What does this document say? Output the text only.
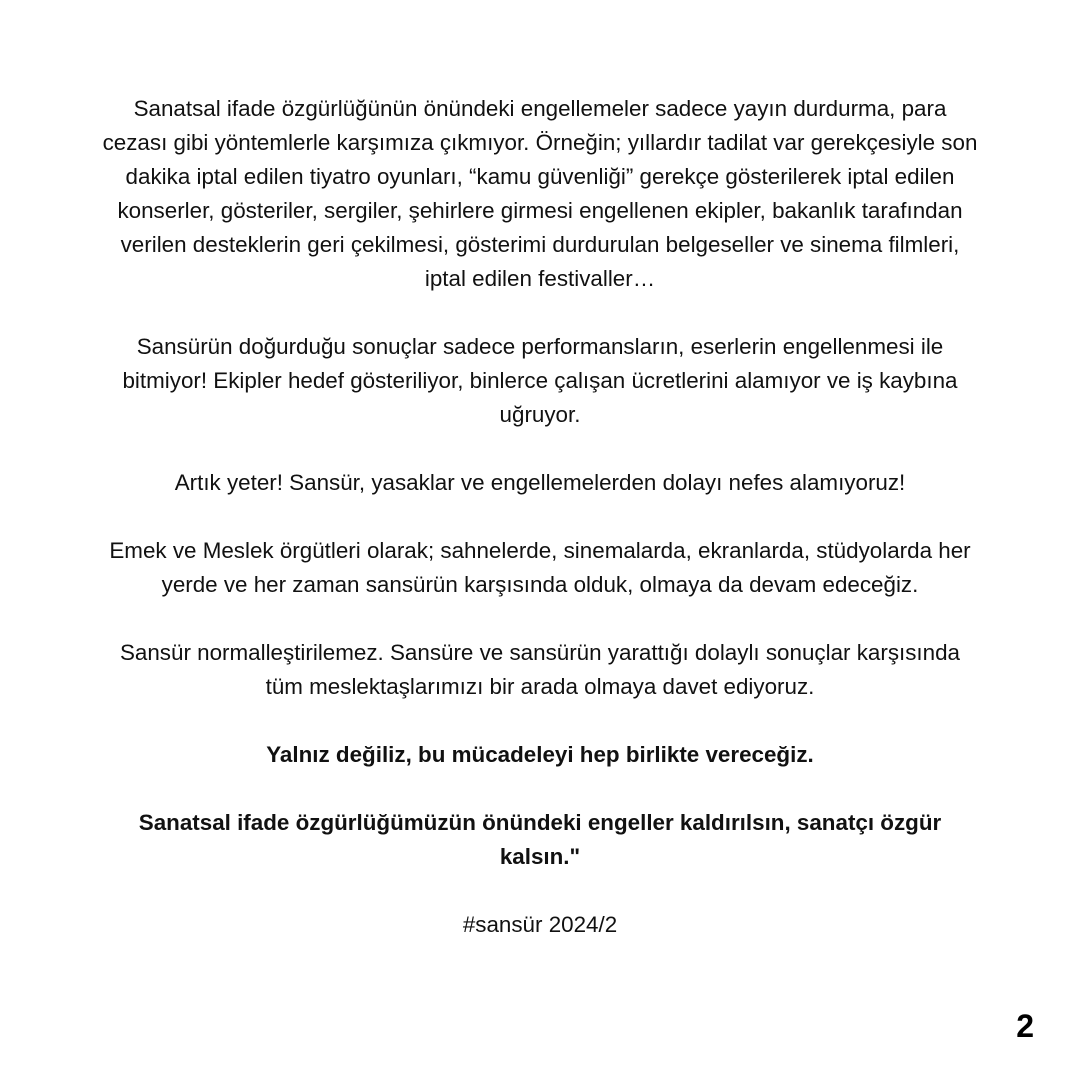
Sanatsal ifade özgürlüğünün önündeki engellemeler sadece yayın durdurma, para cezası gibi yöntemlerle karşımıza çıkmıyor. Örneğin; yıllardır tadilat var gerekçesiyle son dakika iptal edilen tiyatro oyunları, “kamu güvenliği” gerekçe gösterilerek iptal edilen konserler, gösteriler, sergiler, şehirlere girmesi engellenen ekipler, bakanlık tarafından verilen desteklerin geri çekilmesi, gösterimi durdurulan belgeseller ve sinema filmleri, iptal edilen festivaller…

Sansürün doğurduğu sonuçlar sadece performansların, eserlerin engellenmesi ile bitmiyor! Ekipler hedef gösteriliyor, binlerce çalışan ücretlerini alamıyor ve iş kaybına uğruyor.

Artık yeter! Sansür, yasaklar ve engellemelerden dolayı nefes alamıyoruz!

Emek ve Meslek örgütleri olarak; sahnelerde, sinemalarda, ekranlarda, stüdyolarda her yerde ve her zaman sansürün karşısında olduk, olmaya da devam edeceğiz.

Sansür normalleştirilemez. Sansüre ve sansürün yarattığı dolaylı sonuçlar karşısında tüm meslektaşlarımızı bir arada olmaya davet ediyoruz.

Yalnız değiliz, bu mücadeleyi hep birlikte vereceğiz.

Sanatsal ifade özgürlüğümüzün önündeki engeller kaldırılsın, sanatçı özgür kalsın."

#sansür 2024/2

2
